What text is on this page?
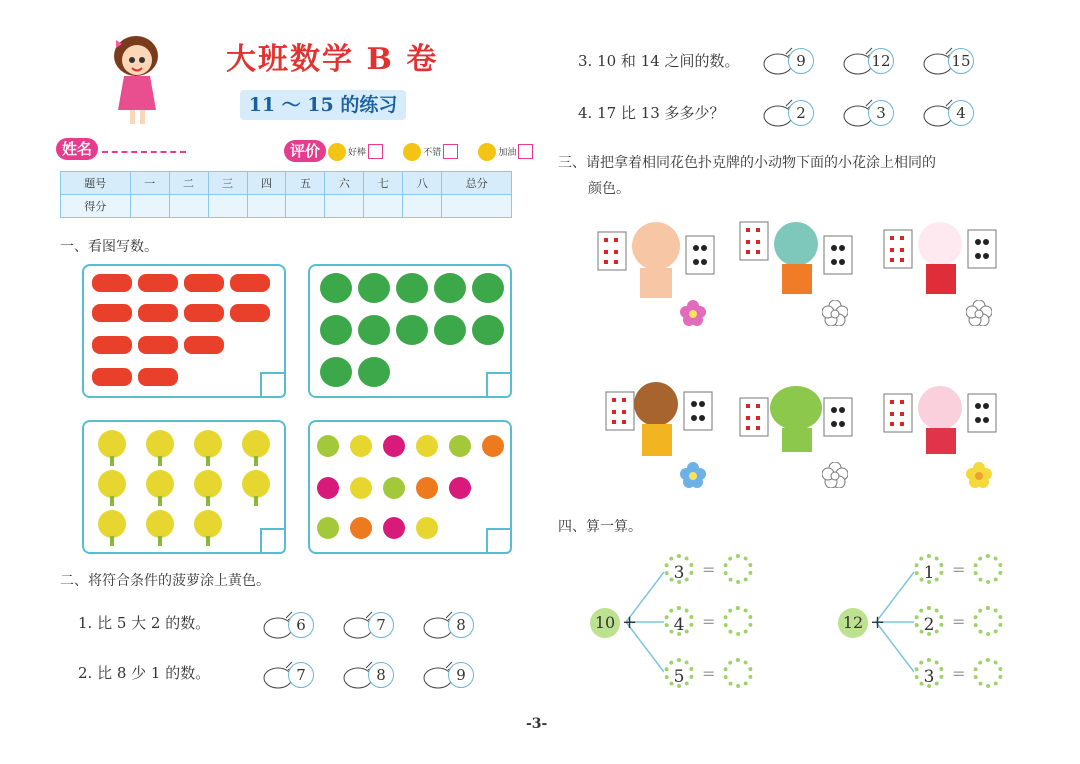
大班数学 B 卷
11 ～ 15 的练习
姓名	评价	好棒	不错	加油
题号	一	二	三	四	五	六	七	八	总分
得分									
一、看图写数。
二、将符合条件的菠萝涂上黄色。
1. 比 5 大 2 的数。	6	7	8
2. 比 8 少 1 的数。	7	8	9
3. 10 和 14 之间的数。	9	12	15
4. 17 比 13 多多少？	2	3	4
三、请把拿着相同花色扑克牌的小动物下面的小花涂上相同的
颜色。
四、算一算。
10 +
3	=
4	=
5	=
12 +
1	=
2	=
3	=
-3-
